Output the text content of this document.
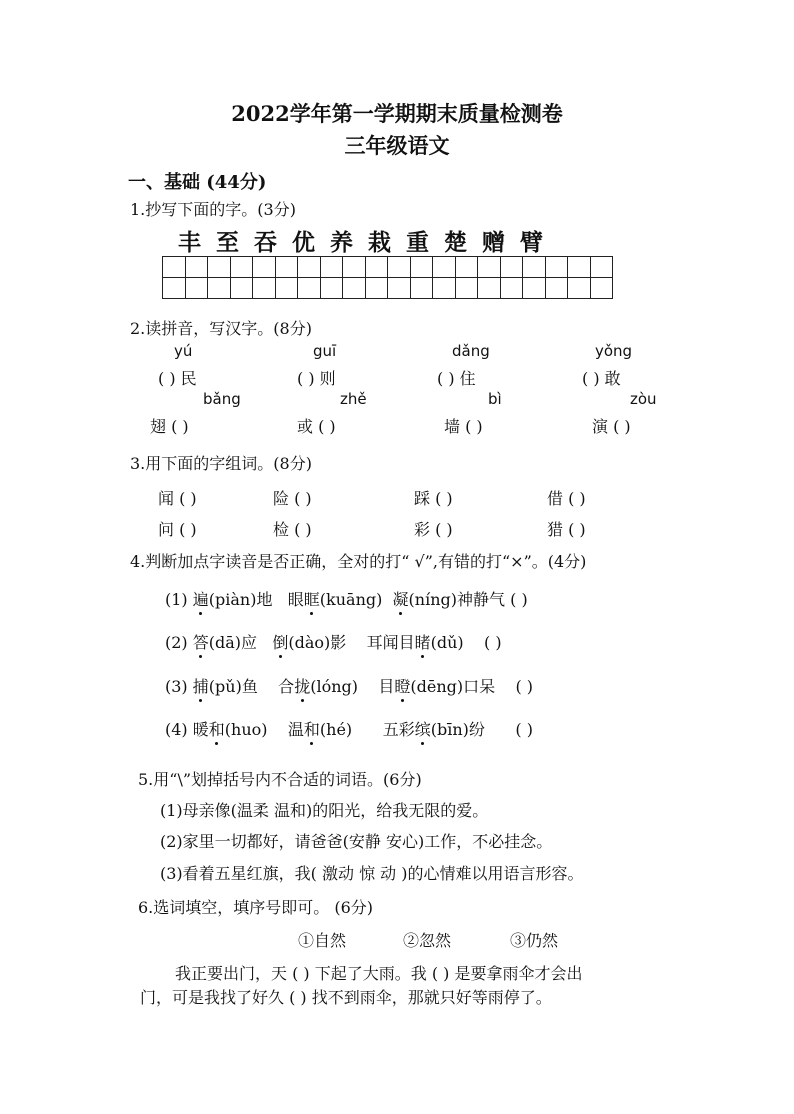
2022学年第一学期期末质量检测卷
三年级语文
一、基础 (44分)
1.抄写下面的字。(3分)
丰 至 吞 优 养 栽 重 楚 赠 臂

2.读拼音，写汉字。(8分)
yú	guī	dǎng	yǒng
( ) 民	( ) 则	( ) 住	( ) 敢
bǎng	zhě	bì	zòu
翅 ( )	或 ( )	墙 ( )	演 ( )
3.用下面的字组词。(8分)
闻 ( )	险 ( )	踩 ( )	借 ( )
问 ( )	检 ( )	彩 ( )	猎 ( )
4.判断加点字读音是否正确，全对的打“ √”,有错的打“×”。(4分)
(1) 遍(piàn)地 眼眶(kuāng) 凝(níng)神静气 ( )
(2) 答(dā)应 倒(dào)影 耳闻目睹(dǔ) ( )
(3) 捕(pǔ)鱼 合拢(lóng) 目瞪(dēng)口呆 ( )
(4) 暖和(huo) 温和(hé) 五彩缤(bīn)纷 ( )
5.用“\”划掉括号内不合适的词语。(6分)
(1)母亲像(温柔 温和)的阳光，给我无限的爱。
(2)家里一切都好，请爸爸(安静 安心)工作，不必挂念。
(3)看着五星红旗，我( 激动 惊 动 )的心情难以用语言形容。
6.选词填空，填序号即可。 (6分)
①自然	②忽然	③仍然
我正要出门，天 ( ) 下起了大雨。我 ( ) 是要拿雨伞才会出
门，可是我找了好久 ( ) 找不到雨伞，那就只好等雨停了。
